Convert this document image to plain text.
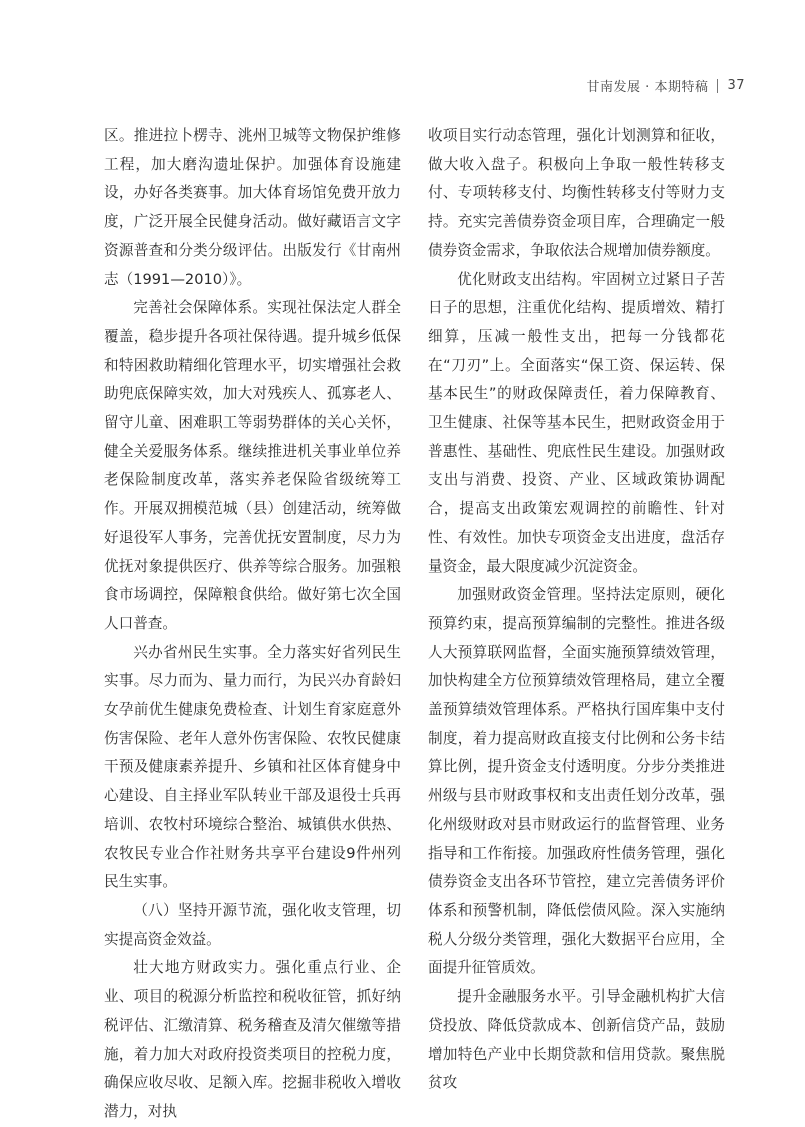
甘南发展 · 本期特稿 37

区。推进拉卜楞寺、洮州卫城等文物保护维修工程，加大磨沟遗址保护。加强体育设施建设，办好各类赛事。加大体育场馆免费开放力度，广泛开展全民健身活动。做好藏语言文字资源普查和分类分级评估。出版发行《甘南州志（1991—2010）》。

完善社会保障体系。实现社保法定人群全覆盖，稳步提升各项社保待遇。提升城乡低保和特困救助精细化管理水平，切实增强社会救助兜底保障实效，加大对残疾人、孤寡老人、留守儿童、困难职工等弱势群体的关心关怀，健全关爱服务体系。继续推进机关事业单位养老保险制度改革，落实养老保险省级统筹工作。开展双拥模范城（县）创建活动，统筹做好退役军人事务，完善优抚安置制度，尽力为优抚对象提供医疗、供养等综合服务。加强粮食市场调控，保障粮食供给。做好第七次全国人口普查。

兴办省州民生实事。全力落实好省列民生实事。尽力而为、量力而行，为民兴办育龄妇女孕前优生健康免费检查、计划生育家庭意外伤害保险、老年人意外伤害保险、农牧民健康干预及健康素养提升、乡镇和社区体育健身中心建设、自主择业军队转业干部及退役士兵再培训、农牧村环境综合整治、城镇供水供热、农牧民专业合作社财务共享平台建设9件州列民生实事。

（八）坚持开源节流，强化收支管理，切实提高资金效益。

壮大地方财政实力。强化重点行业、企业、项目的税源分析监控和税收征管，抓好纳税评估、汇缴清算、税务稽查及清欠催缴等措施，着力加大对政府投资类项目的控税力度，确保应收尽收、足额入库。挖掘非税收入增收潜力，对执

收项目实行动态管理，强化计划测算和征收，做大收入盘子。积极向上争取一般性转移支付、专项转移支付、均衡性转移支付等财力支持。充实完善债券资金项目库，合理确定一般债券资金需求，争取依法合规增加债券额度。

优化财政支出结构。牢固树立过紧日子苦日子的思想，注重优化结构、提质增效、精打细算，压减一般性支出，把每一分钱都花在“刀刃”上。全面落实“保工资、保运转、保基本民生”的财政保障责任，着力保障教育、卫生健康、社保等基本民生，把财政资金用于普惠性、基础性、兜底性民生建设。加强财政支出与消费、投资、产业、区域政策协调配合，提高支出政策宏观调控的前瞻性、针对性、有效性。加快专项资金支出进度，盘活存量资金，最大限度减少沉淀资金。

加强财政资金管理。坚持法定原则，硬化预算约束，提高预算编制的完整性。推进各级人大预算联网监督，全面实施预算绩效管理，加快构建全方位预算绩效管理格局，建立全覆盖预算绩效管理体系。严格执行国库集中支付制度，着力提高财政直接支付比例和公务卡结算比例，提升资金支付透明度。分步分类推进州级与县市财政事权和支出责任划分改革，强化州级财政对县市财政运行的监督管理、业务指导和工作衔接。加强政府性债务管理，强化债券资金支出各环节管控，建立完善债务评价体系和预警机制，降低偿债风险。深入实施纳税人分级分类管理，强化大数据平台应用，全面提升征管质效。

提升金融服务水平。引导金融机构扩大信贷投放、降低贷款成本、创新信贷产品，鼓励增加特色产业中长期贷款和信用贷款。聚焦脱贫攻
